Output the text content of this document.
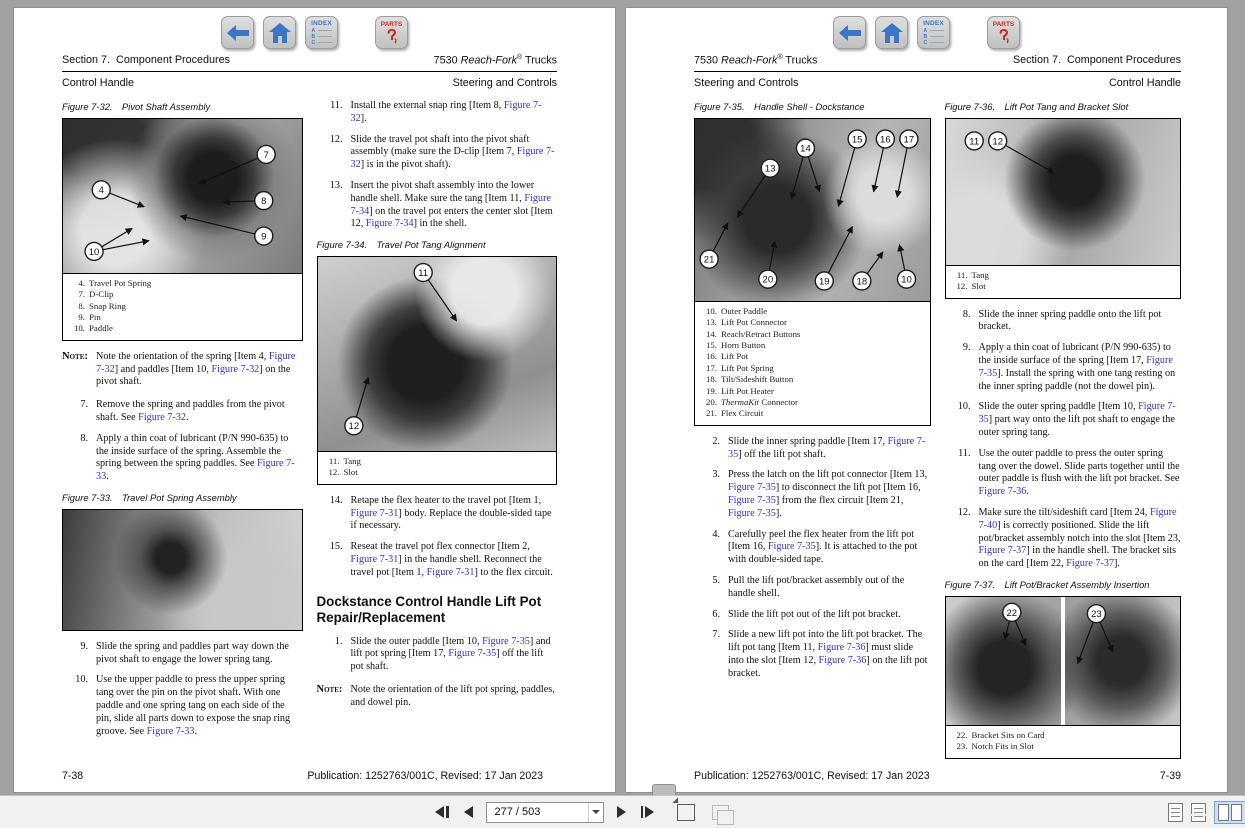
INDEX
A
B
C
PARTS
Section 7.  Component Procedures	7530 Reach-Fork® Trucks
Control Handle	Steering and Controls
Figure 7-32.	Pivot Shaft Assembly
7
4
8
9
10
4. Travel Pot Spring
7. D-Clip
8. Snap Ring
9. Pin
10. Paddle
Note: Note the orientation of the spring [Item 4, Figure 7-32] and paddles [Item 10, Figure 7-32] on the pivot shaft.
7. Remove the spring and paddles from the pivot shaft. See Figure 7-32.
8. Apply a thin coat of lubricant (P/N 990-635) to the inside surface of the spring. Assemble the spring between the spring paddles. See Figure 7-33.
Figure 7-33.	Travel Pot Spring Assembly
9. Slide the spring and paddles part way down the pivot shaft to engage the lower spring tang.
10. Use the upper paddle to press the upper spring tang over the pin on the pivot shaft. With one paddle and one spring tang on each side of the pin, slide all parts down to expose the snap ring groove. See Figure 7-33.
11. Install the external snap ring [Item 8, Figure 7-32].
12. Slide the travel pot shaft into the pivot shaft assembly (make sure the D-clip [Item 7, Figure 7-32] is in the pivot shaft).
13. Insert the pivot shaft assembly into the lower handle shell. Make sure the tang [Item 11, Figure 7-34] on the travel pot enters the center slot [Item 12, Figure 7-34] in the shell.
Figure 7-34.	Travel Pot Tang Alignment
11
12
11. Tang
12. Slot
14. Retape the flex heater to the travel pot [Item 1, Figure 7-31] body. Replace the double-sided tape if necessary.
15. Reseat the travel pot flex connector [Item 2, Figure 7-31] in the handle shell. Reconnect the travel pot [Item 1, Figure 7-31] to the flex circuit.
Dockstance Control Handle Lift Pot Repair/Replacement
1. Slide the outer paddle [Item 10, Figure 7-35] and lift pot spring [Item 17, Figure 7-35] off the lift pot shaft.
Note: Note the orientation of the lift pot spring, paddles, and dowel pin.
7-38	Publication: 1252763/001C, Revised: 17 Jan 2023
INDEX
A
B
C
PARTS
7530 Reach-Fork® Trucks	Section 7.  Component Procedures
Steering and Controls	Control Handle
Figure 7-35.	Handle Shell - Dockstance
13
14
15 16 17
21
20	19	18	10
10. Outer Paddle
13. Lift Pot Connector
14. Reach/Retract Buttons
15. Horn Button
16. Lift Pot
17. Lift Pot Spring
18. Tilt/Sideshift Button
19. Lift Pot Heater
20. ThermaKit Connector
21. Flex Circuit
2. Slide the inner spring paddle [Item 17, Figure 7-35] off the lift pot shaft.
3. Press the latch on the lift pot connector [Item 13, Figure 7-35] to disconnect the lift pot [Item 16, Figure 7-35] from the flex circuit [Item 21, Figure 7-35].
4. Carefully peel the flex heater from the lift pot [Item 16, Figure 7-35]. It is attached to the pot with double-sided tape.
5. Pull the lift pot/bracket assembly out of the handle shell.
6. Slide the lift pot out of the lift pot bracket.
7. Slide a new lift pot into the lift pot bracket. The lift pot tang [Item 11, Figure 7-36] must slide into the slot [Item 12, Figure 7-36] on the lift pot bracket.
Figure 7-36.	Lift Pot Tang and Bracket Slot
11 12
11. Tang
12. Slot
8. Slide the inner spring paddle onto the lift pot bracket.
9. Apply a thin coat of lubricant (P/N 990-635) to the inside surface of the spring [Item 17, Figure 7-35]. Install the spring with one tang resting on the inner spring paddle (not the dowel pin).
10. Slide the outer spring paddle [Item 10, Figure 7-35] part way onto the lift pot shaft to engage the outer spring tang.
11. Use the outer paddle to press the outer spring tang over the dowel. Slide parts together until the outer paddle is flush with the lift pot bracket. See Figure 7-36.
12. Make sure the tilt/sideshift card [Item 24, Figure 7-40] is correctly positioned. Slide the lift pot/bracket assembly notch into the slot [Item 23, Figure 7-37] in the handle shell. The bracket sits on the card [Item 22, Figure 7-37].
Figure 7-37.	Lift Pot/Bracket Assembly Insertion
22	23
22. Bracket Sits on Card
23. Notch Fits in Slot
Publication: 1252763/001C, Revised: 17 Jan 2023	7-39
277 / 503
